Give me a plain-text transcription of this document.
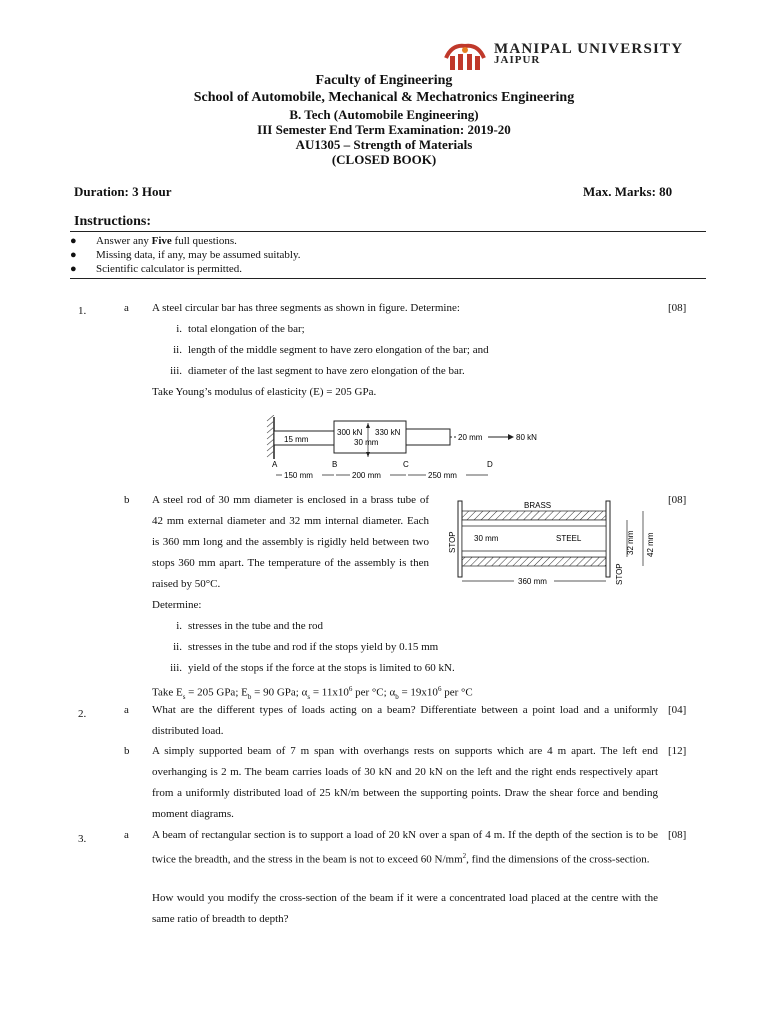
MANIPAL UNIVERSITY
JAIPUR
Faculty of Engineering
School of Automobile, Mechanical & Mechatronics Engineering
B. Tech (Automobile Engineering)
III Semester End Term Examination: 2019-20
AU1305 – Strength of Materials
(CLOSED BOOK)
Duration: 3 Hour	Max. Marks: 80
Instructions:
● Answer any Five full questions.
● Missing data, if any, may be assumed suitably.
● Scientific calculator is permitted.
1.	a A steel circular bar has three segments as shown in figure. Determine:	[08]
i. total elongation of the bar;
ii. length of the middle segment to have zero elongation of the bar; and
iii. diameter of the last segment to have zero elongation of the bar.
Take Young’s modulus of elasticity (E) = 205 GPa.
15 mm
300 kN 330 kN
30 mm
20 mm	80 kN
A	B	C	D
150 mm	200 mm	250 mm
b A steel rod of 30 mm diameter is enclosed in a brass tube of 42 mm external diameter and 32 mm internal diameter. Each is 360 mm long and the assembly is rigidly held between two stops 360 mm apart. The temperature of the assembly is then raised by 50°C.
[08]
Determine:
i. stresses in the tube and the rod
ii. stresses in the tube and rod if the stops yield by 0.15 mm
iii. yield of the stops if the force at the stops is limited to 60 kN.
Take $E_s = 205$ GPa; $E_b = 90$ GPa; $\alpha_s = 11x10^6$ per °C; $\alpha_b = 19x10^6$ per °C
BRASS
STOP
STOP
30 mm	STEEL
360 mm
32 mm 42 mm
2.	a What are the different types of loads acting on a beam? Differentiate between a point load and a uniformly distributed load.
[04]
b A simply supported beam of 7 m span with overhangs rests on supports which are 4 m apart. The left end overhanging is 2 m. The beam carries loads of 30 kN and 20 kN on the left and the right ends respectively apart from a uniformly distributed load of 25 kN/m between the supporting points. Draw the shear force and bending moment diagrams.
[12]
3.	a A beam of rectangular section is to support a load of 20 kN over a span of 4 m. If the depth of the section is to be twice the breadth, and the stress in the beam is not to exceed 60 $N/mm^2$, find the dimensions of the cross-section.
How would you modify the cross-section of the beam if it were a concentrated load placed at the centre with the same ratio of breadth to depth?
[08]
